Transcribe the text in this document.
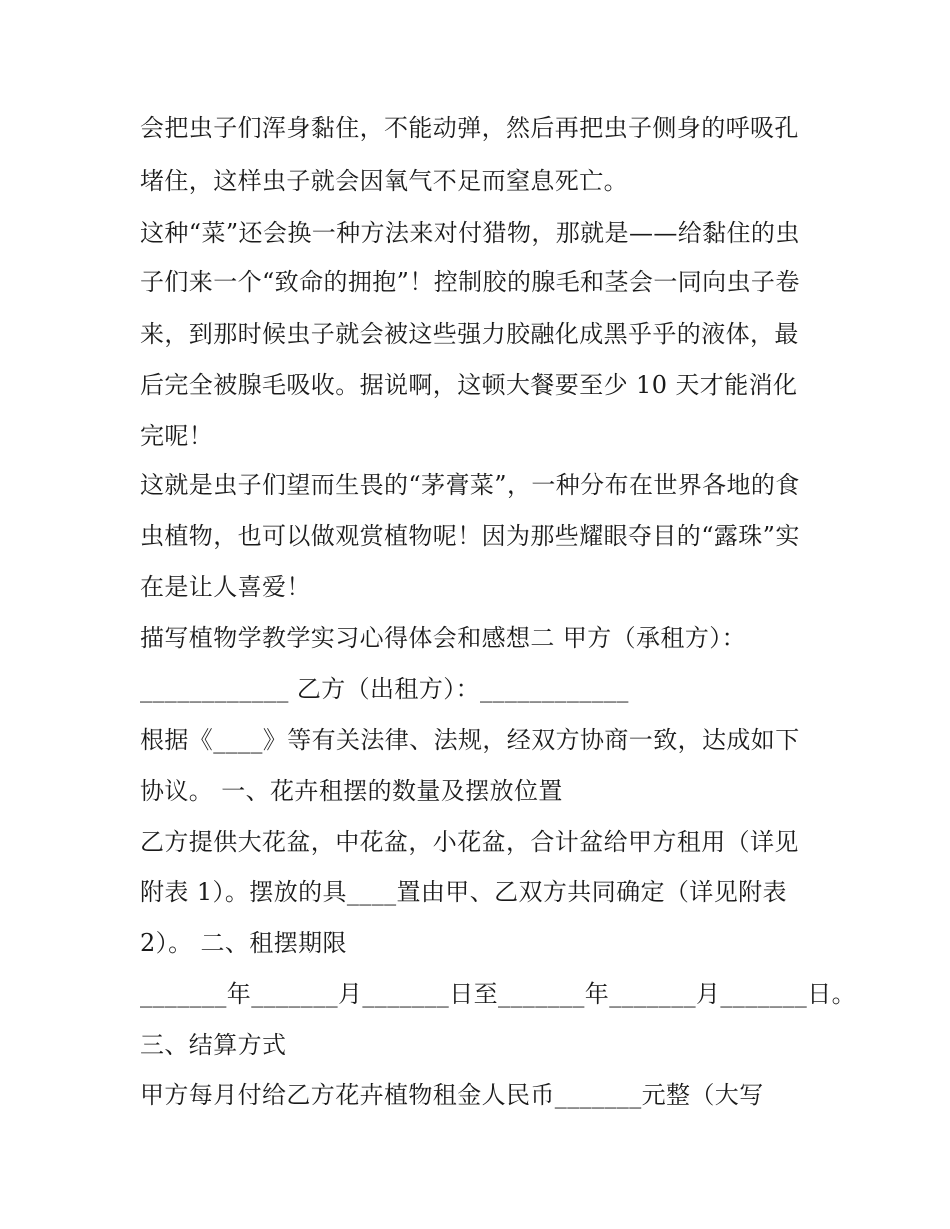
会把虫子们浑身黏住，不能动弹，然后再把虫子侧身的呼吸孔
堵住，这样虫子就会因氧气不足而窒息死亡。
这种“菜”还会换一种方法来对付猎物，那就是——给黏住的虫
子们来一个“致命的拥抱”！控制胶的腺毛和茎会一同向虫子卷
来，到那时候虫子就会被这些强力胶融化成黑乎乎的液体，最
后完全被腺毛吸收。据说啊，这顿大餐要至少 10 天才能消化
完呢！
这就是虫子们望而生畏的“茅膏菜”，一种分布在世界各地的食
虫植物，也可以做观赏植物呢！因为那些耀眼夺目的“露珠”实
在是让人喜爱！
描写植物学教学实习心得体会和感想二 甲方（承租方）：
____________ 乙方（出租方）：____________
根据《____》等有关法律、法规，经双方协商一致，达成如下
协议。 一、花卉租摆的数量及摆放位置
乙方提供大花盆，中花盆，小花盆，合计盆给甲方租用（详见
附表 1）。摆放的具____置由甲、乙双方共同确定（详见附表
2）。 二、租摆期限
_______年_______月_______日至_______年_______月_______日。
三、结算方式
甲方每月付给乙方花卉植物租金人民币_______元整（大写
